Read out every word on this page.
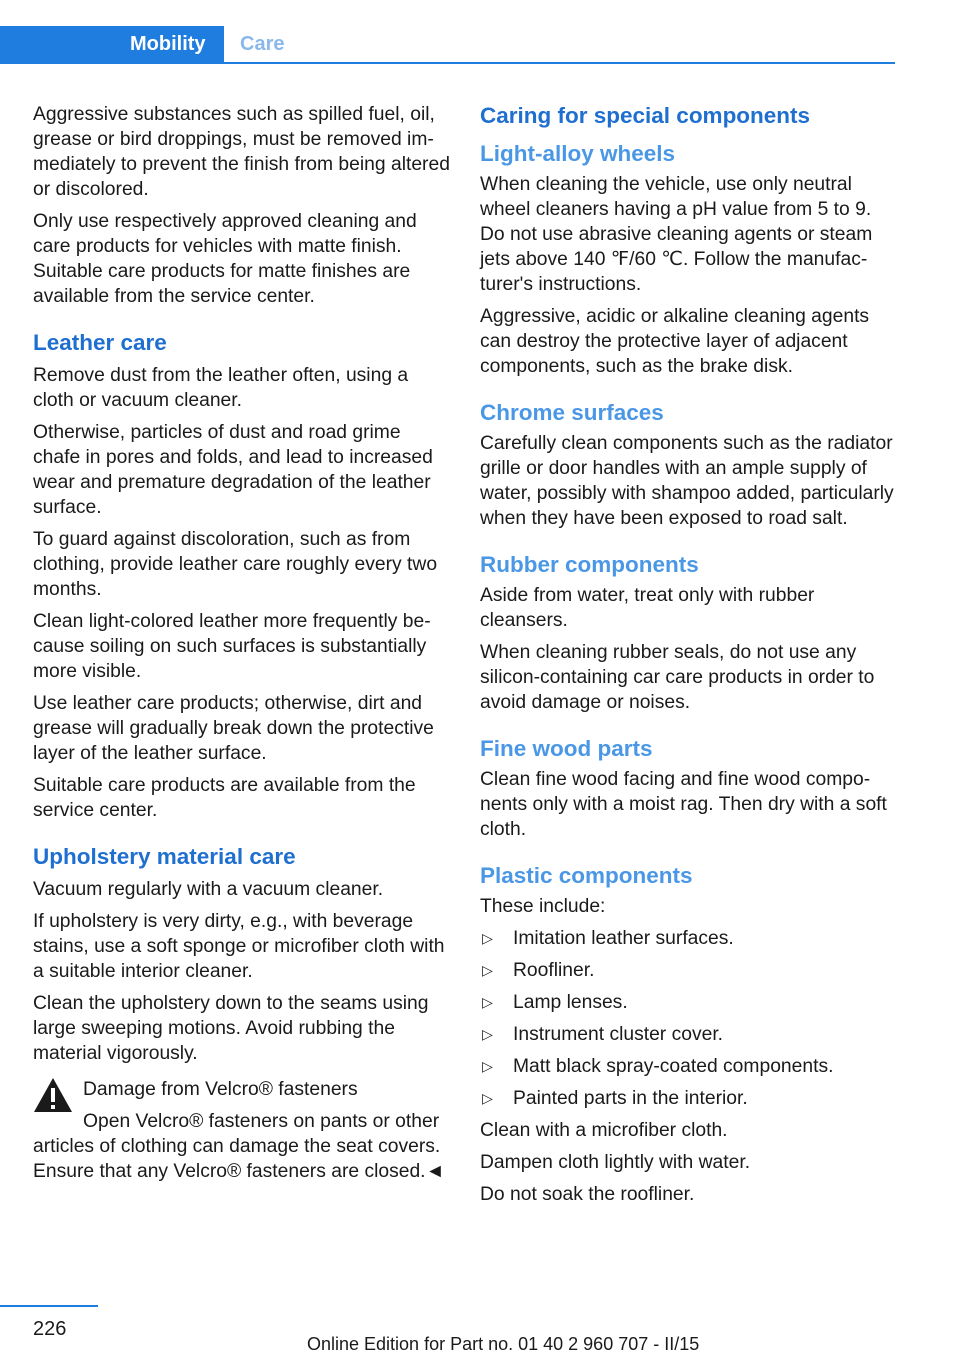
Mobility Care

Aggressive substances such as spilled fuel, oil, grease or bird droppings, must be removed immediately to prevent the finish from being altered or discolored.

Only use respectively approved cleaning and care products for vehicles with matte finish. Suitable care products for matte finishes are available from the service center.

Leather care

Remove dust from the leather often, using a cloth or vacuum cleaner.

Otherwise, particles of dust and road grime chafe in pores and folds, and lead to increased wear and premature degradation of the leather surface.

To guard against discoloration, such as from clothing, provide leather care roughly every two months.

Clean light-colored leather more frequently because soiling on such surfaces is substantially more visible.

Use leather care products; otherwise, dirt and grease will gradually break down the protective layer of the leather surface.

Suitable care products are available from the service center.

Upholstery material care

Vacuum regularly with a vacuum cleaner.

If upholstery is very dirty, e.g., with beverage stains, use a soft sponge or microfiber cloth with a suitable interior cleaner.

Clean the upholstery down to the seams using large sweeping motions. Avoid rubbing the material vigorously.

Damage from Velcro® fasteners

Open Velcro® fasteners on pants or other articles of clothing can damage the seat covers. Ensure that any Velcro® fasteners are closed.◄

Caring for special components
Light-alloy wheels

When cleaning the vehicle, use only neutral wheel cleaners having a pH value from 5 to 9. Do not use abrasive cleaning agents or steam jets above 140 ℉/60 ℃. Follow the manufacturer's instructions.

Aggressive, acidic or alkaline cleaning agents can destroy the protective layer of adjacent components, such as the brake disk.

Chrome surfaces

Carefully clean components such as the radiator grille or door handles with an ample supply of water, possibly with shampoo added, particularly when they have been exposed to road salt.

Rubber components

Aside from water, treat only with rubber cleansers.

When cleaning rubber seals, do not use any silicon-containing car care products in order to avoid damage or noises.

Fine wood parts

Clean fine wood facing and fine wood components only with a moist rag. Then dry with a soft cloth.

Plastic components

These include:

▷ Imitation leather surfaces.
▷ Roofliner.
▷ Lamp lenses.
▷ Instrument cluster cover.
▷ Matt black spray-coated components.
▷ Painted parts in the interior.

Clean with a microfiber cloth.

Dampen cloth lightly with water.

Do not soak the roofliner.

226
Online Edition for Part no. 01 40 2 960 707 - II/15
